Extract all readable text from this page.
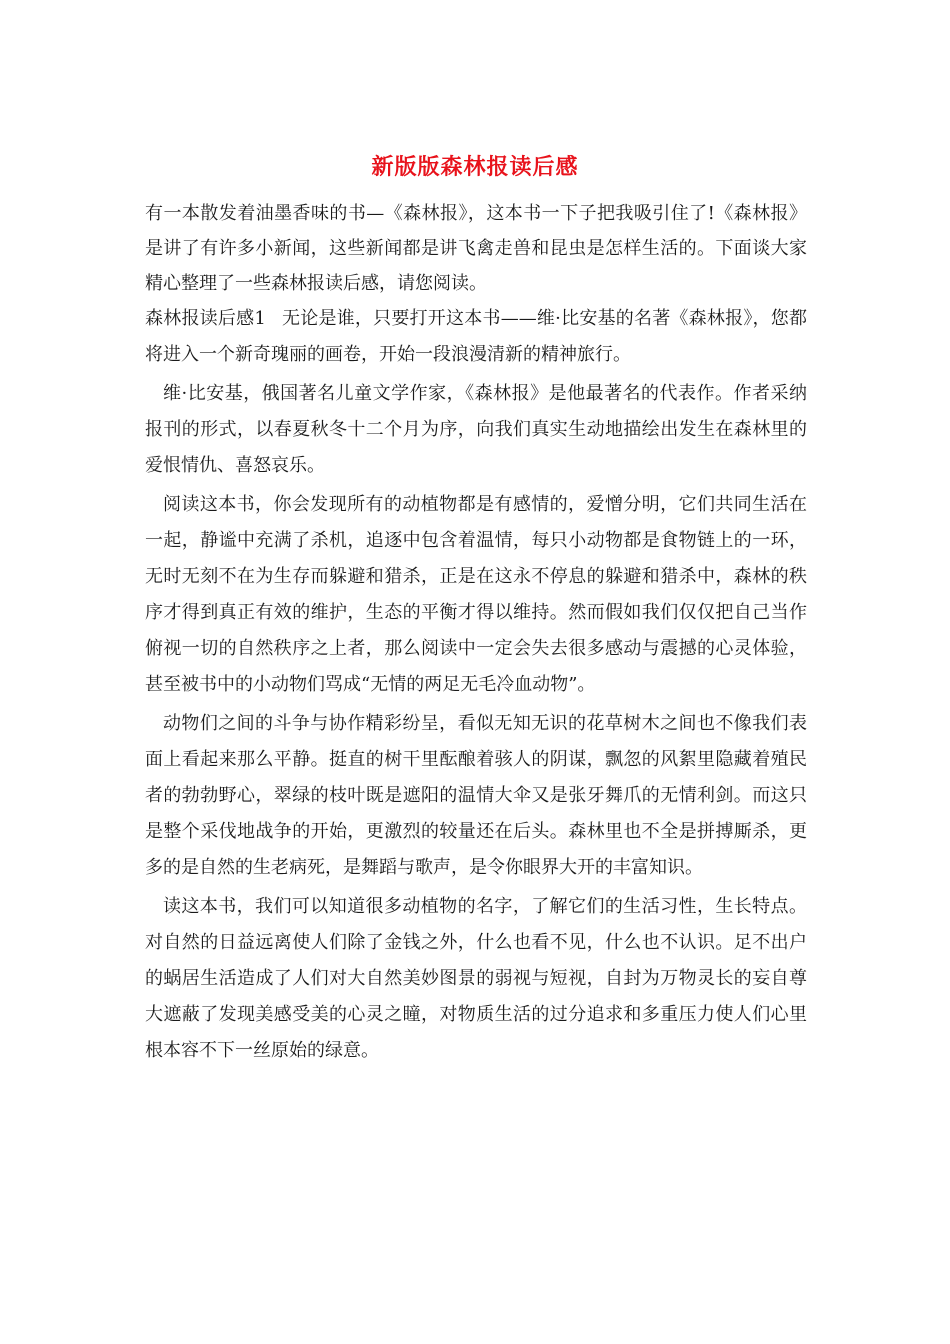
新版版森林报读后感

有一本散发着油墨香味的书—《森林报》，这本书一下子把我吸引住了!《森林报》是讲了有许多小新闻，这些新闻都是讲飞禽走兽和昆虫是怎样生活的。下面谈大家精心整理了一些森林报读后感，请您阅读。

森林报读后感1 无论是谁，只要打开这本书——维·比安基的名著《森林报》，您都将进入一个新奇瑰丽的画卷，开始一段浪漫清新的精神旅行。

维·比安基，俄国著名儿童文学作家，《森林报》是他最著名的代表作。作者采纳报刊的形式，以春夏秋冬十二个月为序，向我们真实生动地描绘出发生在森林里的爱恨情仇、喜怒哀乐。

阅读这本书，你会发现所有的动植物都是有感情的，爱憎分明，它们共同生活在一起，静谧中充满了杀机，追逐中包含着温情，每只小动物都是食物链上的一环，无时无刻不在为生存而躲避和猎杀，正是在这永不停息的躲避和猎杀中，森林的秩序才得到真正有效的维护，生态的平衡才得以维持。然而假如我们仅仅把自己当作俯视一切的自然秩序之上者，那么阅读中一定会失去很多感动与震撼的心灵体验，甚至被书中的小动物们骂成“无情的两足无毛冷血动物”。

动物们之间的斗争与协作精彩纷呈，看似无知无识的花草树木之间也不像我们表面上看起来那么平静。挺直的树干里酝酿着骇人的阴谋，飘忽的风絮里隐藏着殖民者的勃勃野心，翠绿的枝叶既是遮阳的温情大伞又是张牙舞爪的无情利剑。而这只是整个采伐地战争的开始，更激烈的较量还在后头。森林里也不全是拼搏厮杀，更多的是自然的生老病死，是舞蹈与歌声，是令你眼界大开的丰富知识。

读这本书，我们可以知道很多动植物的名字，了解它们的生活习性，生长特点。对自然的日益远离使人们除了金钱之外，什么也看不见，什么也不认识。足不出户的蜗居生活造成了人们对大自然美妙图景的弱视与短视，自封为万物灵长的妄自尊大遮蔽了发现美感受美的心灵之瞳，对物质生活的过分追求和多重压力使人们心里根本容不下一丝原始的绿意。
